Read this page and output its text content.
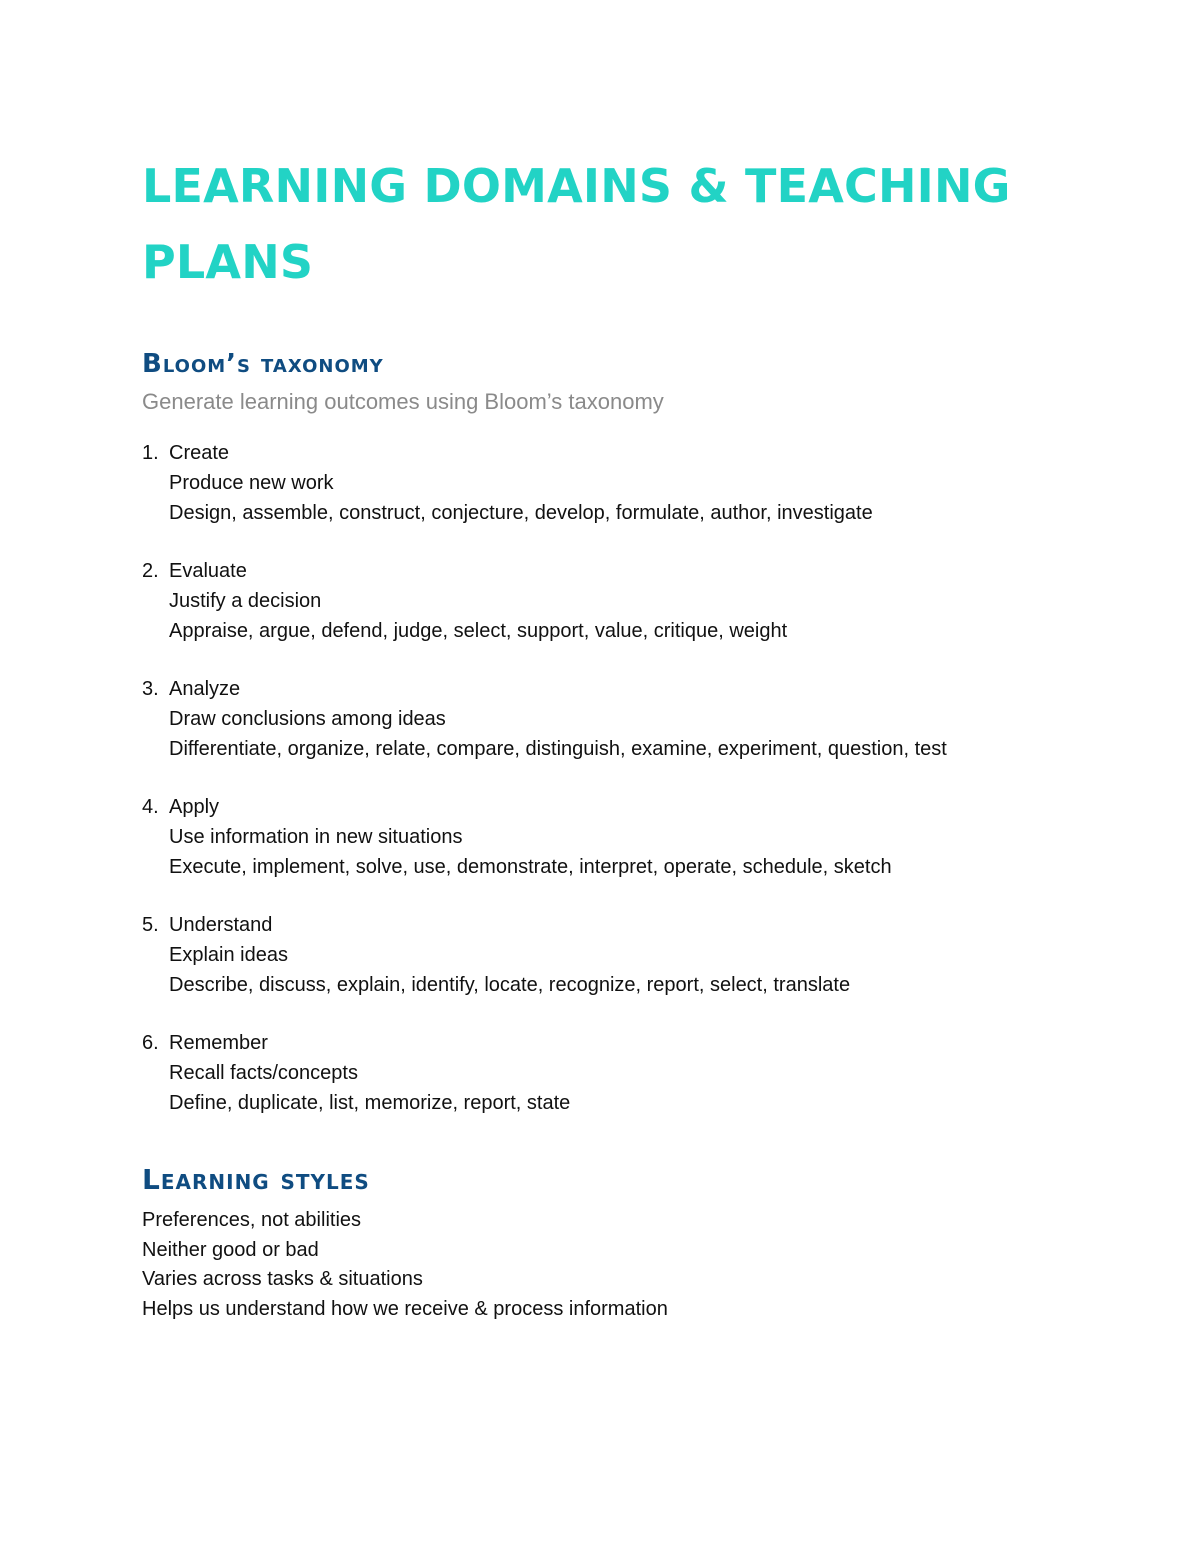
LEARNING DOMAINS & TEACHING PLANS
Bloom’s taxonomy

Generate learning outcomes using Bloom’s taxonomy

1. Create
Produce new work
Design, assemble, construct, conjecture, develop, formulate, author, investigate
2. Evaluate
Justify a decision
Appraise, argue, defend, judge, select, support, value, critique, weight
3. Analyze
Draw conclusions among ideas
Differentiate, organize, relate, compare, distinguish, examine, experiment, question, test
4. Apply
Use information in new situations
Execute, implement, solve, use, demonstrate, interpret, operate, schedule, sketch
5. Understand
Explain ideas
Describe, discuss, explain, identify, locate, recognize, report, select, translate
6. Remember
Recall facts/concepts
Define, duplicate, list, memorize, report, state
Learning styles
Preferences, not abilities
Neither good or bad
Varies across tasks & situations
Helps us understand how we receive & process information
